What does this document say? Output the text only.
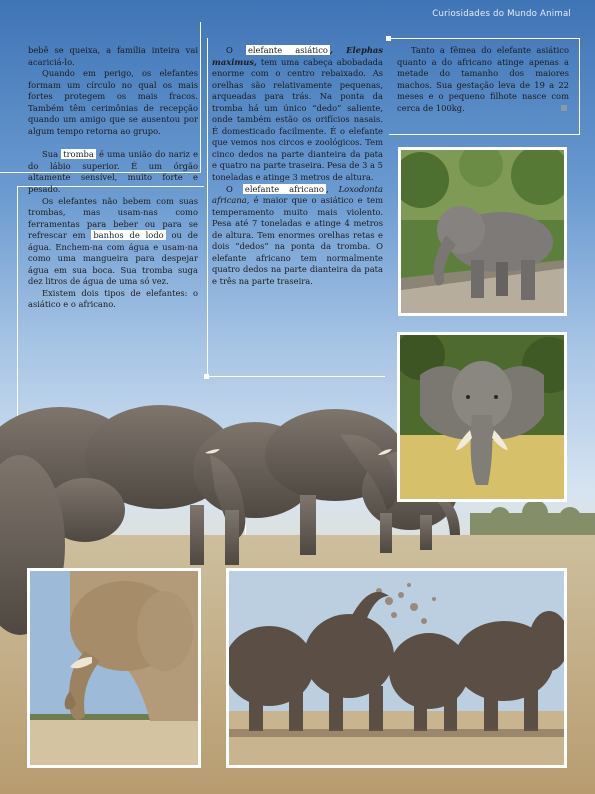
Curiosidades do Mundo Animal

bebê se queixa, a família inteira vai acariciá-lo.

Quando em perigo, os elefantes formam um círculo no qual os mais fortes protegem os mais fracos. Também têm cerimônias de recepção quando um amigo que se ausentou por algum tempo retorna ao grupo.

Sua tromba é uma união do nariz e do lábio superior. É um órgão altamente sensível, muito forte e pesado.

Os elefantes não bebem com suas trombas, mas usam-nas como ferramentas para beber ou para se refrescar em banhos de lodo ou de água. Enchem-na com água e usam-na como uma mangueira para despejar água em sua boca. Sua tromba suga dez litros de água de uma só vez.

Existem dois tipos de elefantes: o asiático e o africano.

O elefante asiático , Elephas maximus, tem uma cabeça abobadada enorme com o centro rebaixado. As orelhas são relativamente pequenas, arqueadas para trás. Na ponta da tromba há um único “dedo” saliente, onde também estão os orifícios nasais. É domesticado facilmente. É o elefante que vemos nos circos e zoológicos. Tem cinco dedos na parte dianteira da pata e quatro na parte traseira. Pesa de 3 a 5 toneladas e atinge 3 metros de altura.

O elefante africano , Loxodonta africana, é maior que o asiático e tem temperamento muito mais violento. Pesa até 7 toneladas e atinge 4 metros de altura. Tem enormes orelhas retas e dois “dedos” na ponta da tromba. O elefante africano tem normalmente quatro dedos na parte dianteira da pata e três na parte traseira.

Tanto a fêmea do elefante asiático quanto a do africano atinge apenas a metade do tamanho dos maiores machos. Sua gestação leva de 19 a 22 meses e o pequeno filhote nasce com cerca de 100kg.
